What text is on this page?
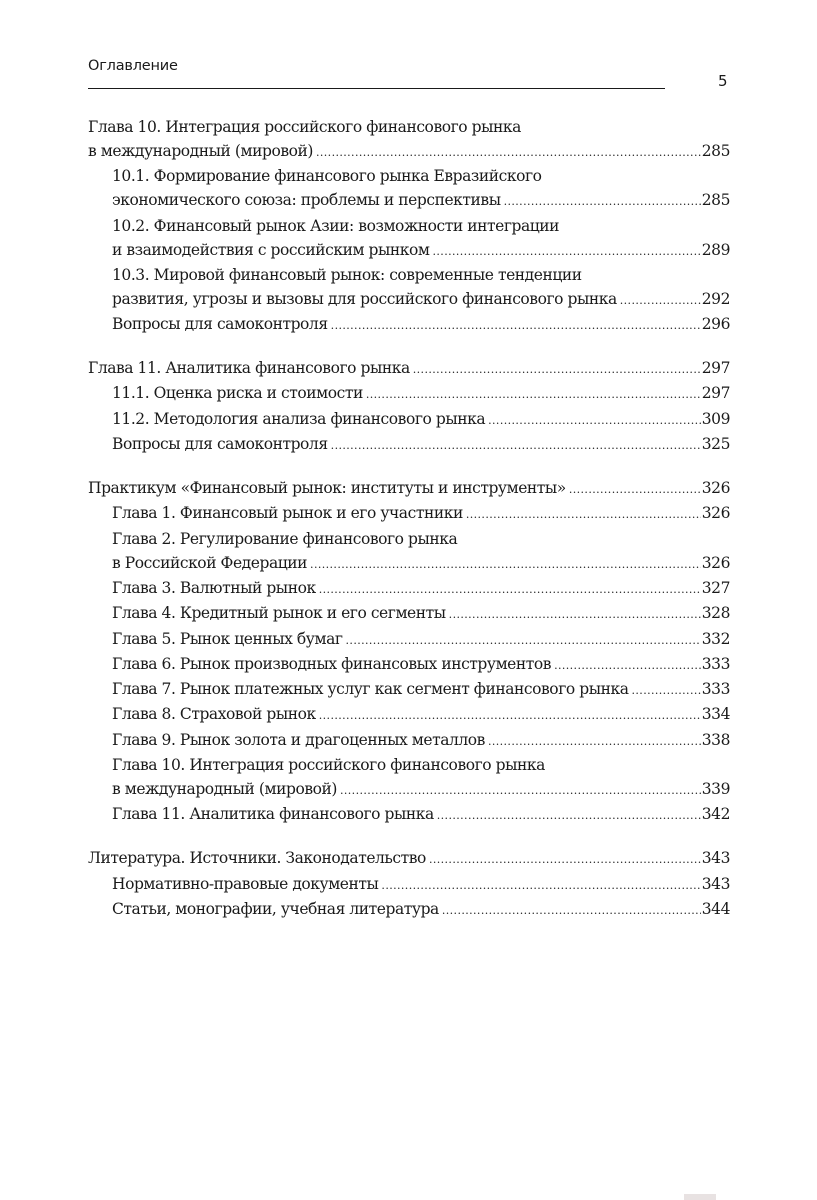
Оглавление
5
Глава 10. Интеграция российского финансового рынка
в международный (мировой) .....	285
10.1. Формирование финансового рынка Евразийского
экономического союза: проблемы и перспективы .....	285
10.2. Финансовый рынок Азии: возможности интеграции
и взаимодействия с российским рынком .....	289
10.3. Мировой финансовый рынок: современные тенденции
развития, угрозы и вызовы для российского финансового рынка .....	292
Вопросы для самоконтроля .....	296
Глава 11. Аналитика финансового рынка .....	297
11.1. Оценка риска и стоимости .....	297
11.2. Методология анализа финансового рынка .....	309
Вопросы для самоконтроля .....	325
Практикум «Финансовый рынок: институты и инструменты» .....	326
Глава 1. Финансовый рынок и его участники .....	326
Глава 2. Регулирование финансового рынка
в Российской Федерации .....	326
Глава 3. Валютный рынок .....	327
Глава 4. Кредитный рынок и его сегменты .....	328
Глава 5. Рынок ценных бумаг .....	332
Глава 6. Рынок производных финансовых инструментов .....	333
Глава 7. Рынок платежных услуг как сегмент финансового рынка .....	333
Глава 8. Страховой рынок .....	334
Глава 9. Рынок золота и драгоценных металлов .....	338
Глава 10. Интеграция российского финансового рынка
в международный (мировой) .....	339
Глава 11. Аналитика финансового рынка .....	342
Литература. Источники. Законодательство .....	343
Нормативно-правовые документы .....	343
Статьи, монографии, учебная литература .....	344
